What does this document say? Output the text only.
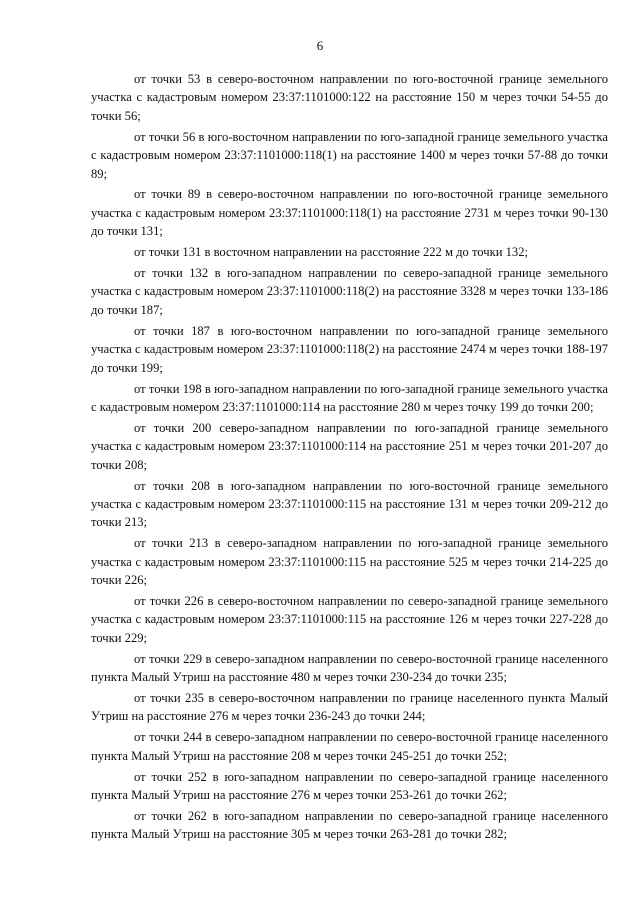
6

от точки 53 в северо-восточном направлении по юго-восточной границе земельного участка с кадастровым номером 23:37:1101000:122 на расстояние 150 м через точки 54-55 до точки 56;

от точки 56 в юго-восточном направлении по юго-западной границе земельного участка с кадастровым номером 23:37:1101000:118(1) на расстояние 1400 м через точки 57-88 до точки 89;

от точки 89 в северо-восточном направлении по юго-восточной границе земельного участка с кадастровым номером 23:37:1101000:118(1) на расстояние 2731 м через точки 90-130 до точки 131;

от точки 131 в восточном направлении на расстояние 222 м до точки 132;

от точки 132 в юго-западном направлении по северо-западной границе земельного участка с кадастровым номером 23:37:1101000:118(2) на расстояние 3328 м через точки 133-186 до точки 187;

от точки 187 в юго-восточном направлении по юго-западной границе земельного участка с кадастровым номером 23:37:1101000:118(2) на расстояние 2474 м через точки 188-197 до точки 199;

от точки 198 в юго-западном направлении по юго-западной границе земельного участка с кадастровым номером 23:37:1101000:114 на расстояние 280 м через точку 199 до точки 200;

от точки 200 северо-западном направлении по юго-западной границе земельного участка с кадастровым номером 23:37:1101000:114 на расстояние 251 м через точки 201-207 до точки 208;

от точки 208 в юго-западном направлении по юго-восточной границе земельного участка с кадастровым номером 23:37:1101000:115 на расстояние 131 м через точки 209-212 до точки 213;

от точки 213 в северо-западном направлении по юго-западной границе земельного участка с кадастровым номером 23:37:1101000:115 на расстояние 525 м через точки 214-225 до точки 226;

от точки 226 в северо-восточном направлении по северо-западной границе земельного участка с кадастровым номером 23:37:1101000:115 на расстояние 126 м через точки 227-228 до точки 229;

от точки 229 в северо-западном направлении по северо-восточной границе населенного пункта Малый Утриш на расстояние 480 м через точки 230-234 до точки 235;

от точки 235 в северо-восточном направлении по границе населенного пункта Малый Утриш на расстояние 276 м через точки 236-243 до точки 244;

от точки 244 в северо-западном направлении по северо-восточной границе населенного пункта Малый Утриш на расстояние 208 м через точки 245-251 до точки 252;

от точки 252 в юго-западном направлении по северо-западной границе населенного пункта Малый Утриш на расстояние 276 м через точки 253-261 до точки 262;

от точки 262 в юго-западном направлении по северо-западной границе населенного пункта Малый Утриш на расстояние 305 м через точки 263-281 до точки 282;
